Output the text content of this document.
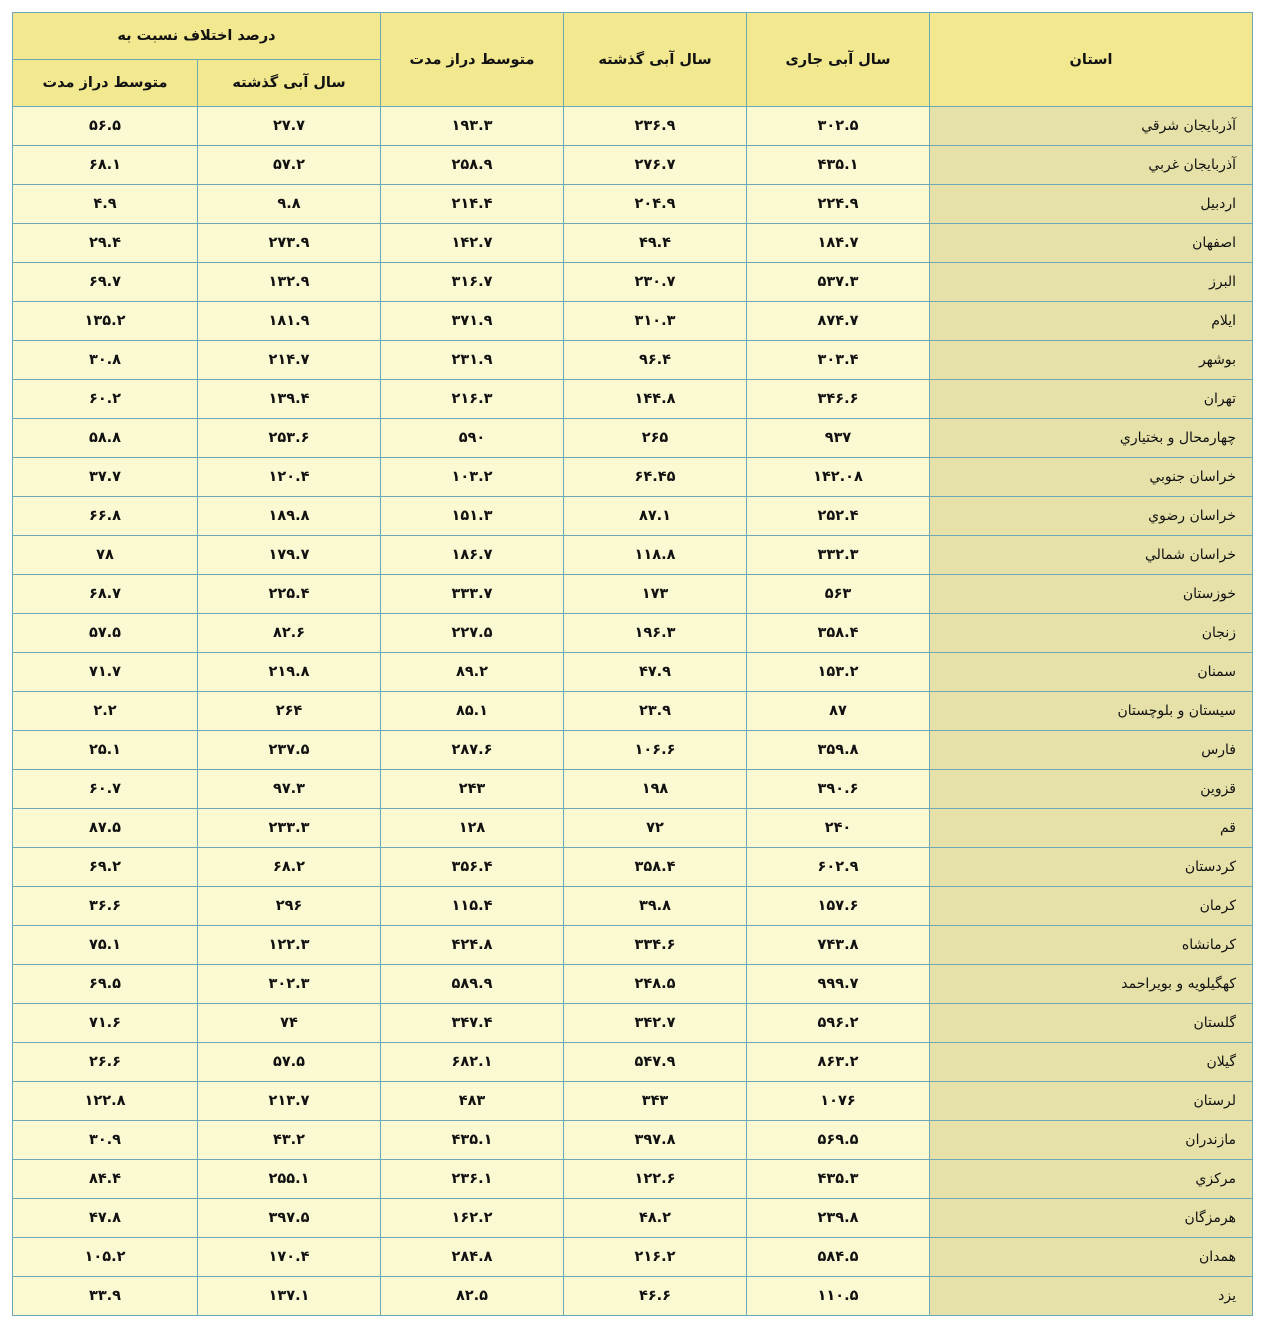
استان	سال آبی جاری	سال آبی گذشته	متوسط دراز مدت	درصد اختلاف نسبت به	
				سال آبی گذشته	متوسط دراز مدت
آذربایجان شرقي	۳۰۲.۵	۲۳۶.۹	۱۹۳.۳	۲۷.۷	۵۶.۵
آذربایجان غربي	۴۳۵.۱	۲۷۶.۷	۲۵۸.۹	۵۷.۲	۶۸.۱
اردبیل	۲۲۴.۹	۲۰۴.۹	۲۱۴.۴	۹.۸	۴.۹
اصفهان	۱۸۴.۷	۴۹.۴	۱۴۲.۷	۲۷۳.۹	۲۹.۴
البرز	۵۳۷.۳	۲۳۰.۷	۳۱۶.۷	۱۳۲.۹	۶۹.۷
ایلام	۸۷۴.۷	۳۱۰.۳	۳۷۱.۹	۱۸۱.۹	۱۳۵.۲
بوشهر	۳۰۳.۴	۹۶.۴	۲۳۱.۹	۲۱۴.۷	۳۰.۸
تهران	۳۴۶.۶	۱۴۴.۸	۲۱۶.۳	۱۳۹.۴	۶۰.۲
چهارمحال و بختیاري	۹۳۷	۲۶۵	۵۹۰	۲۵۳.۶	۵۸.۸
خراسان جنوبي	۱۴۲.۰۸	۶۴.۴۵	۱۰۳.۲	۱۲۰.۴	۳۷.۷
خراسان رضوي	۲۵۲.۴	۸۷.۱	۱۵۱.۳	۱۸۹.۸	۶۶.۸
خراسان شمالي	۳۳۲.۳	۱۱۸.۸	۱۸۶.۷	۱۷۹.۷	۷۸
خوزستان	۵۶۳	۱۷۳	۳۳۳.۷	۲۲۵.۴	۶۸.۷
زنجان	۳۵۸.۴	۱۹۶.۳	۲۲۷.۵	۸۲.۶	۵۷.۵
سمنان	۱۵۳.۲	۴۷.۹	۸۹.۲	۲۱۹.۸	۷۱.۷
سیستان و بلوچستان	۸۷	۲۳.۹	۸۵.۱	۲۶۴	۲.۲
فارس	۳۵۹.۸	۱۰۶.۶	۲۸۷.۶	۲۳۷.۵	۲۵.۱
قزوین	۳۹۰.۶	۱۹۸	۲۴۳	۹۷.۳	۶۰.۷
قم	۲۴۰	۷۲	۱۲۸	۲۳۳.۳	۸۷.۵
کردستان	۶۰۲.۹	۳۵۸.۴	۳۵۶.۴	۶۸.۲	۶۹.۲
کرمان	۱۵۷.۶	۳۹.۸	۱۱۵.۴	۲۹۶	۳۶.۶
کرمانشاه	۷۴۳.۸	۳۳۴.۶	۴۲۴.۸	۱۲۲.۳	۷۵.۱
کهگیلویه و بویراحمد	۹۹۹.۷	۲۴۸.۵	۵۸۹.۹	۳۰۲.۳	۶۹.۵
گلستان	۵۹۶.۲	۳۴۲.۷	۳۴۷.۴	۷۴	۷۱.۶
گیلان	۸۶۳.۲	۵۴۷.۹	۶۸۲.۱	۵۷.۵	۲۶.۶
لرستان	۱۰۷۶	۳۴۳	۴۸۳	۲۱۳.۷	۱۲۲.۸
مازندران	۵۶۹.۵	۳۹۷.۸	۴۳۵.۱	۴۳.۲	۳۰.۹
مرکزي	۴۳۵.۳	۱۲۲.۶	۲۳۶.۱	۲۵۵.۱	۸۴.۴
هرمزگان	۲۳۹.۸	۴۸.۲	۱۶۲.۲	۳۹۷.۵	۴۷.۸
همدان	۵۸۴.۵	۲۱۶.۲	۲۸۴.۸	۱۷۰.۴	۱۰۵.۲
یزد	۱۱۰.۵	۴۶.۶	۸۲.۵	۱۳۷.۱	۳۳.۹
